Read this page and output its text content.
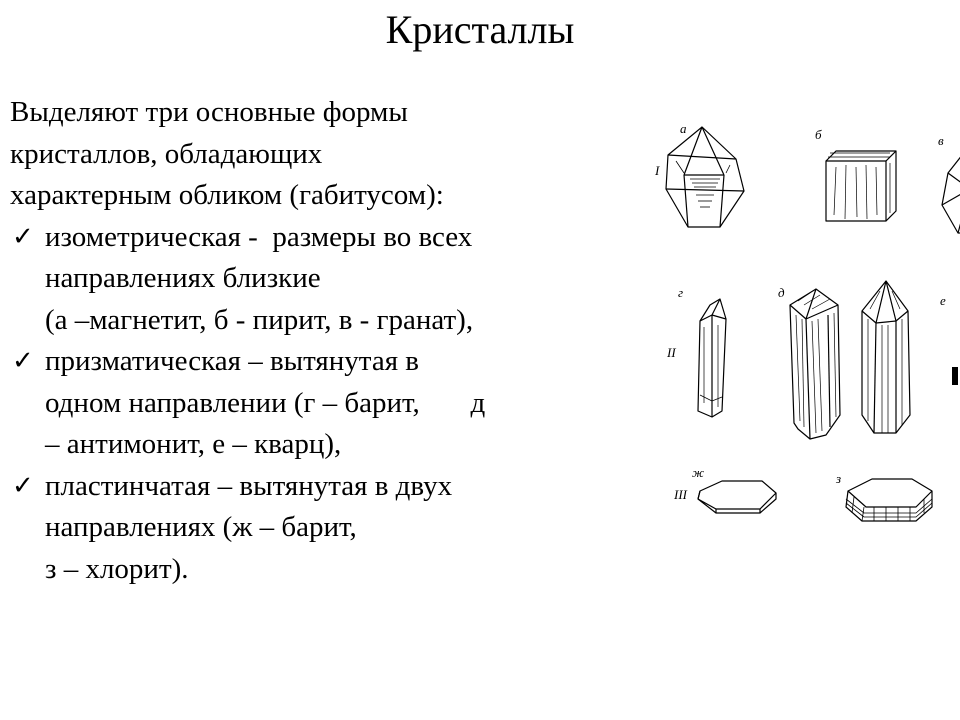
Кристаллы

Выделяют три основные формы
кристаллов, обладающих
характерным обликом (габитусом):

✓ изометрическая -  размеры во всех
направлениях близкие
(а –магнетит, б - пирит, в - гранат),
✓ призматическая – вытянутая в
одном направлении (г – барит,       д
– антимонит, е – кварц),
✓ пластинчатая – вытянутая в двух
направлениях (ж – барит,
з – хлорит).
I
II
III
а	б	в
г	д
е
ж	з
